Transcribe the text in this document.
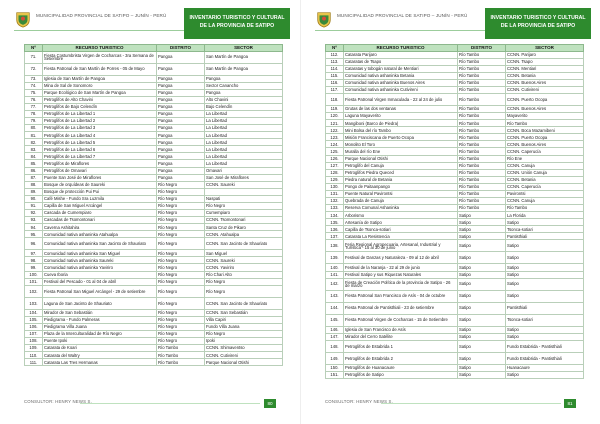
MUNICIPALIDAD PROVINCIAL DE SATIPO – JUNÍN - PERÚ	INVENTARIO TURISTICO Y CULTURAL
DE LA PROVINCIA DE SATIPO
Nº	RECURSO TURISTICO	DISTRITO	SECTOR
71.	Fiesta Costumbrista Virgen de Cocharcas - 3ra Semana de Setiembre	Pangoa	San Martín de Pangoa
72.	Fiesta Patronal de San Martín de Porres - 05 de Mayo	Pangoa	San Martín de Pangoa
73.	Iglesia de San Martín de Pangoa	Pangoa	Pangoa
74.	Mina de Sal de Sonomoro	Pangoa	Sector Canancho
75.	Parque Ecológico de San Martín de Pangoa	Pangoa	Pangoa
76.	Petroglifos de Alto Chavini	Pangoa	Alto Chavini
77.	Petroglifos de Bajo Celendín	Pangoa	Bajo Celendín
78.	Petroglifos de La Libertad 1	Pangoa	La Libertad
79.	Petroglifos de La Libertad 2	Pangoa	La Libertad
80.	Petroglifos de La Libertad 3	Pangoa	La Libertad
81.	Petroglifos de La Libertad 4	Pangoa	La Libertad
82.	Petroglifos de La Libertad 5	Pangoa	La Libertad
83.	Petroglifos de La Libertad 6	Pangoa	La Libertad
84.	Petroglifos de La Libertad 7	Pangoa	La Libertad
85.	Petroglifos de Miraflores	Pangoa	La Libertad
86.	Petroglifos de Omavari	Pangoa	Omavari
87.	Puente San José de Miraflores	Pangoa	San José de Miraflores
88.	Bosque de orquídeas de Saureki	Río Negro	CCNN. Saureki
89.	Bosque de protección Pui Pui	Río Negro	
90.	Café Mishe - Fundo Sra Luzmila	Río Negro	Naspati
91.	Capilla de San Miguel Arcángel	Río Negro	Río Negro
92.	Cascada de Cumempiaro	Río Negro	Cumempiaro
93.	Cascadas de Tsomontonari	Río Negro	CCNN. Tsomontonari
94.	Caverna Ashitahira	Río Negro	Santa Cruz de Pikaro
95.	Comunidad nativa ashaninka Atahualpa	Río Negro	CCNN. Atahualpa
96.	Comunidad nativa ashaninka San Jacinto de Shauriato	Río Negro	CCNN. San Jacinto de Shauriato
97.	Comunidad nativa ashaninka San Miguel	Río Negro	San Miguel
98.	Comunidad nativa ashaninka Saureki	Río Negro	CCNN. Saureki
99.	Comunidad nativa ashaninka Yaviriro	Río Negro	CCNN. Yaviriro
100.	Cueva Iboria	Río Negro	Río Chari Alto
101.	Festival del Pescado - 01 al 04 de abril	Río Negro	Río Negro
102.	Fiesta Patronal San Miguel Arcángel - 29 de setiembre	Río Negro	Río Negro
103.	Laguna de San Jacinto de Shauriato	Río Negro	CCNN. San Jacinto de Shauriato
104.	Mirador de San Sebastián	Río Negro	CCNN. San Sebastián
105.	Piedigrama - Fundo Palmeras	Río Negro	Villa Capiri
106.	Piedigrama Villa Juana	Río Negro	Fundo Villa Juana
107.	Plaza de la Interculturalidad de Río Negro	Río Negro	Río Negro
108.	Puente Ipoki	Río Negro	Ipoki
109.	Catarata de Koari	Río Tambo	CCNN. Shimaventso
110.	Catarata del Waltry	Río Tambo	CCNN. Cutivireni
111.	Catarata Las Tres Hermanas	Río Tambo	Parque Nacional Otishi
CONSULTOR: HENRY NEWS S.	80
MUNICIPALIDAD PROVINCIAL DE SATIPO – JUNÍN - PERÚ	INVENTARIO TURISTICO Y CULTURAL
DE LA PROVINCIA DE SATIPO
Nº	RECURSO TURISTICO	DISTRITO	SECTOR
112.	Catarata Parijaro	Río Tambo	CCNN. Parijaro
113.	Cataratas de Tsapo	Río Tambo	CCNN. Tsapo
114.	Cataratas y tobogán natural de Mentiari	Río Tambo	CCNN. Mentiari
115.	Comunidad nativa ashaninka Betania	Río Tambo	CCNN. Betania
116.	Comunidad nativa ashaninka Buenos Aires	Río Tambo	CCNN. Buenos Aires
117.	Comunidad nativa ashaninka Cutivireni	Río Tambo	CCNN. Cutivireni
118.	Fiesta Patronal Virgen Inmaculada - 22 al 24 de julio	Río Tambo	CCNN. Puerto Ocopa
119.	Grutas de las dos ventanas	Río Tambo	CCNN. Buenos Aires
120.	Laguna Mayaverito	Río Tambo	Mayaverito
121.	Mangiboni (Barco de Piedra)	Río Tambo	Río Tambo
122.	Mini Bolsa del río Tambo	Río Tambo	CCNN. Boca Mazamibeni
123.	Misión Franciscana de Puerto Ocopa	Río Tambo	CCNN. Puerto Ocopa
124.	Monolito El Toro	Río Tambo	CCNN. Buenos Aires
125.	Muralla del río Ene	Río Tambo	CCNN. Caperucía
126.	Parque Nacional Otishi	Río Tambo	Río Ene
127.	Petroglifo del Canuja	Río Tambo	CCNN. Canuja
128.	Petroglifos Piedra Queced	Río Tambo	CCNN. Unión Canuja
129.	Piedra natural de Betania	Río Tambo	CCNN. Betania
130.	Pongo de Paitaanpango	Río Tambo	CCNN. Caperucía
131.	Puente Natural Pavirontsi	Río Tambo	Pavirontsi
132.	Quebrada de Canuja	Río Tambo	CCNN. Canuja
133.	Reserva Comunal Ashaninka	Río Tambo	Río Tambo
134.	Arborismo	Satipo	La Florida
135.	Artesanía de Satipo	Satipo	Satipo
136.	Capilla de Tsonca-sotiari	Satipo	Tsonca-sotiari
137.	Catarata La Resistencia	Satipo	Pantisthiali
138.	Feria Regional Agropecuaria, Artesanal, Industrial y Turística - 15 al 30 de junio	Satipo	Satipo
139.	Festival de Danzas y Naturaleza - 09 al 12 de abril	Satipo	Satipo
140.	Festival de la Naranja - 22 al 29 de junio	Satipo	Satipo
141.	Festival Satipo y sus Riquezas Naturales	Satipo	Satipo
142.	Fiesta de Creación Política de la provincia de Satipo - 26 de marzo	Satipo	Satipo
143.	Fiesta Patronal San Francisco de Asís - 04 de octubre	Satipo	Satipo
144.	Fiesta Patronal de Pantisthiali - 23 de setiembre	Satipo	Pantisthiali
145.	Fiesta Patronal Virgen de Cocharcas - 15 de Setiembre	Satipo	Tsonca-sotiari
146.	Iglesia de San Francisco de Asís	Satipo	Satipo
147.	Mirador del Cerro Satélite	Satipo	Satipo
148.	Petroglifos de Estabrida 1	Satipo	Fundo Estabrida - Pantisthiali
149.	Petroglifos de Estabrida 2	Satipo	Fundo Estabrida - Pantisthiali
150.	Petroglifos de Huanacaure	Satipo	Huanacaure
151.	Petroglifos de Satipo	Satipo	Satipo
CONSULTOR: HENRY NEWS S.	81
